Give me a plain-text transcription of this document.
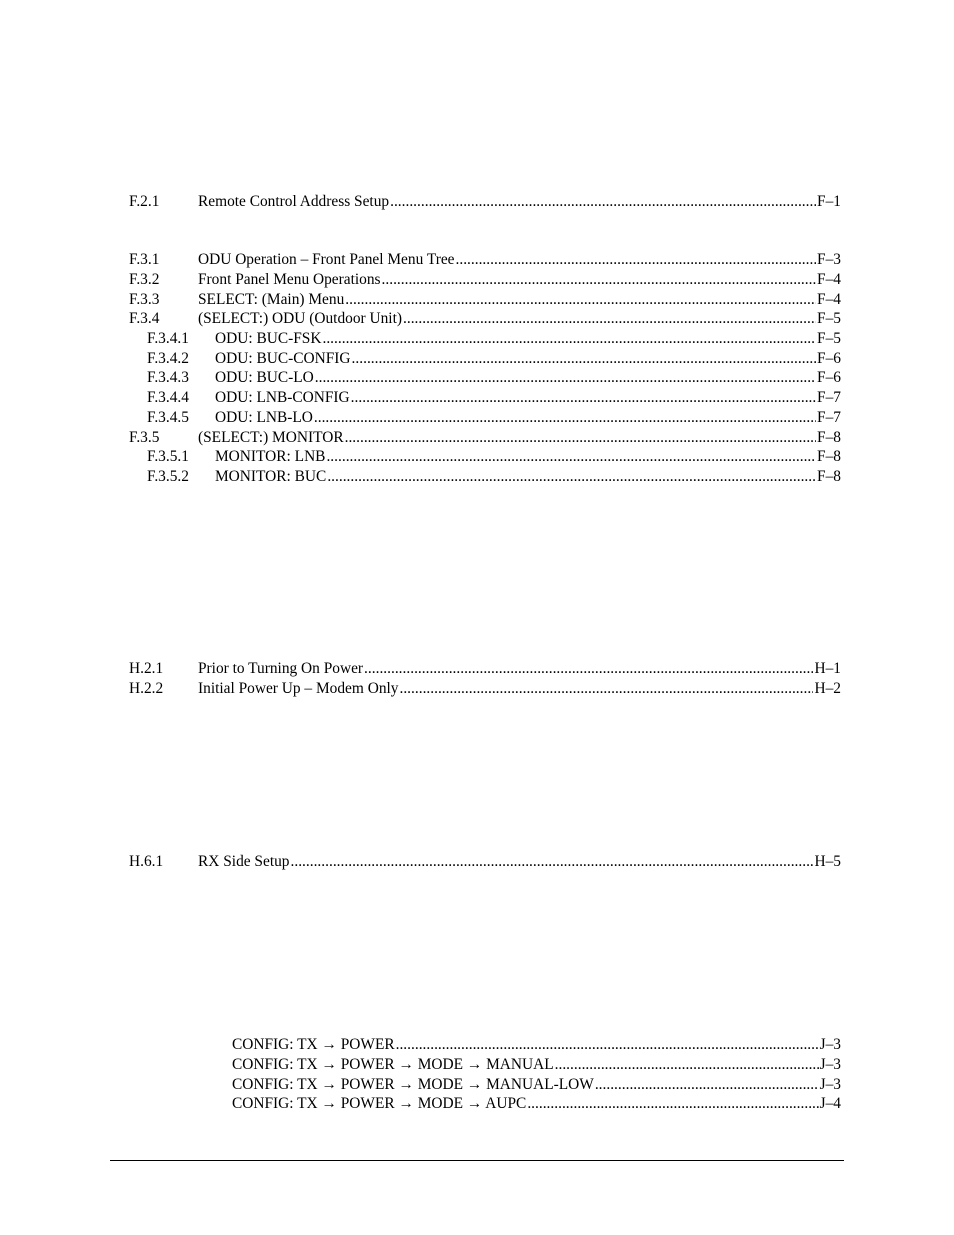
F.2.1	Remote Control Address Setup .....	F–1
F.3.1	ODU Operation – Front Panel Menu Tree .....	F–3
F.3.2	Front Panel Menu Operations .....	F–4
F.3.3	SELECT: (Main) Menu .....	F–4
F.3.4	(SELECT:) ODU (Outdoor Unit) .....	F–5
F.3.4.1	ODU: BUC-FSK .....	F–5
F.3.4.2	ODU: BUC-CONFIG .....	F–6
F.3.4.3	ODU: BUC-LO .....	F–6
F.3.4.4	ODU: LNB-CONFIG .....	F–7
F.3.4.5	ODU: LNB-LO .....	F–7
F.3.5	(SELECT:) MONITOR .....	F–8
F.3.5.1	MONITOR: LNB .....	F–8
F.3.5.2	MONITOR: BUC .....	F–8
H.2.1	Prior to Turning On Power .....	H–1
H.2.2	Initial Power Up – Modem Only .....	H–2
H.6.1	RX Side Setup .....	H–5
CONFIG: TX → POWER .....	J–3
CONFIG: TX → POWER → MODE → MANUAL .....	J–3
CONFIG: TX → POWER → MODE → MANUAL-LOW .....	J–3
CONFIG: TX → POWER → MODE → AUPC .....	J–4
